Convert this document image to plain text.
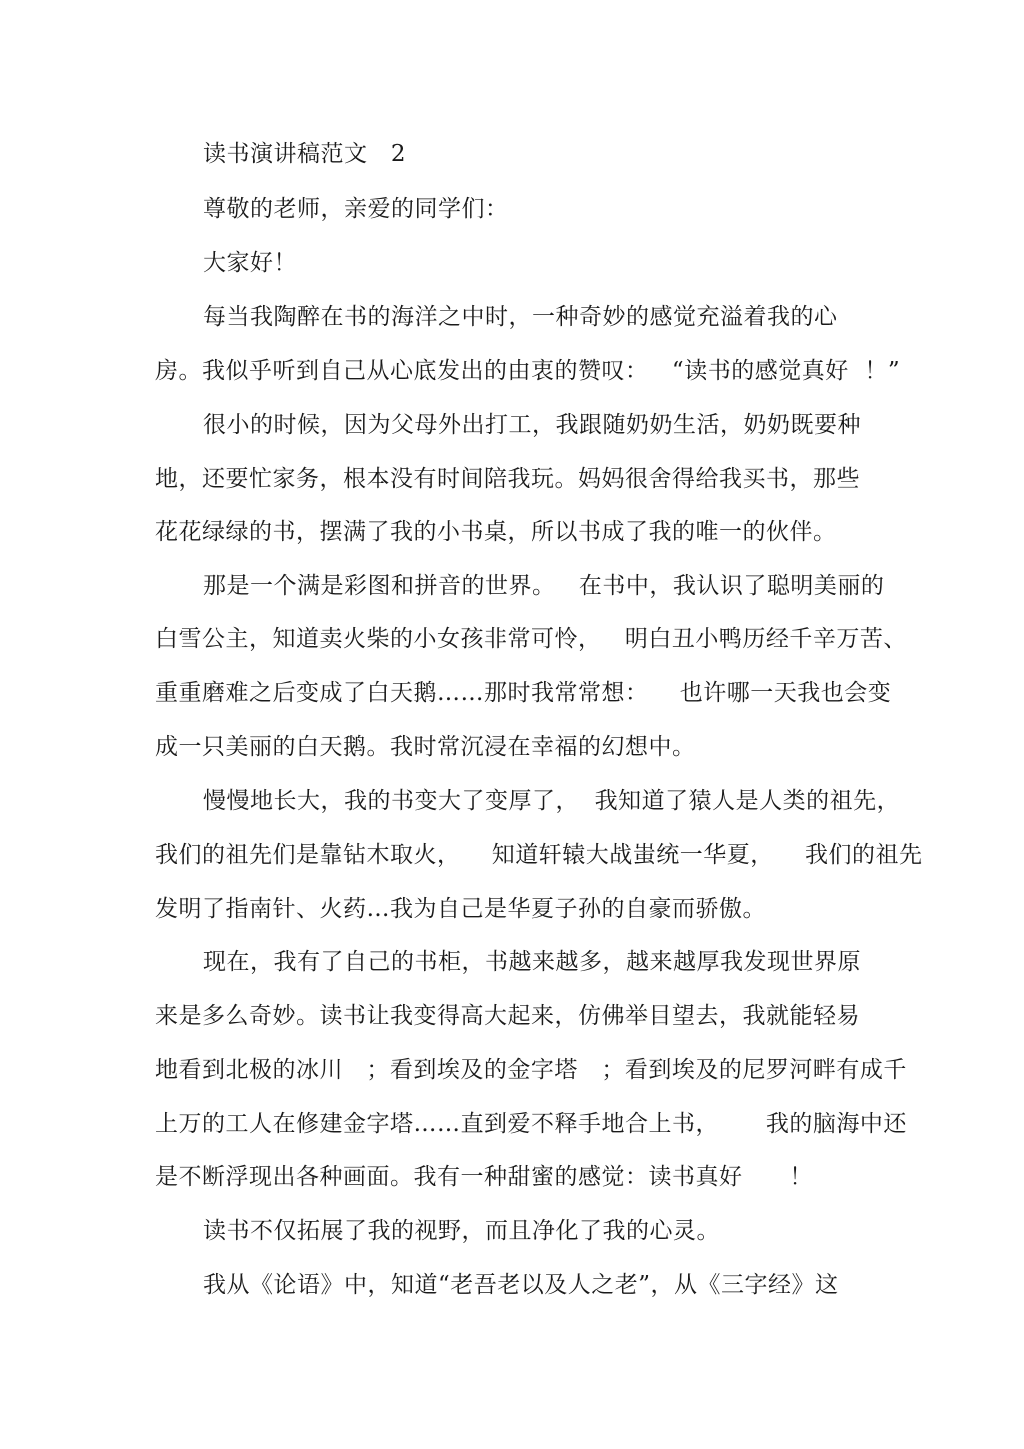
读书演讲稿范文   2
尊敬的老师，亲爱的同学们：
大家好！
每当我陶醉在书的海洋之中时，一种奇妙的感觉充溢着我的心
房。我似乎听到自己从心底发出的由衷的赞叹：   “读书的感觉真好  ！”
很小的时候，因为父母外出打工，我跟随奶奶生活，奶奶既要种
地，还要忙家务，根本没有时间陪我玩。妈妈很舍得给我买书，那些
花花绿绿的书，摆满了我的小书桌，所以书成了我的唯一的伙伴。
那是一个满是彩图和拼音的世界。   在书中，我认识了聪明美丽的
白雪公主，知道卖火柴的小女孩非常可怜，   明白丑小鸭历经千辛万苦、
重重磨难之后变成了白天鹅……那时我常常想：    也许哪一天我也会变
成一只美丽的白天鹅。我时常沉浸在幸福的幻想中。
慢慢地长大，我的书变大了变厚了，  我知道了猿人是人类的祖先，
我们的祖先们是靠钻木取火，    知道轩辕大战蚩统一华夏，    我们的祖先
发明了指南针、火药…我为自己是华夏子孙的自豪而骄傲。
现在，我有了自己的书柜，书越来越多，越来越厚我发现世界原
来是多么奇妙。读书让我变得高大起来，仿佛举目望去，我就能轻易
地看到北极的冰川   ；看到埃及的金字塔   ；看到埃及的尼罗河畔有成千
上万的工人在修建金字塔……直到爱不释手地合上书，      我的脑海中还
是不断浮现出各种画面。我有一种甜蜜的感觉：读书真好      ！
读书不仅拓展了我的视野，而且净化了我的心灵。
我从《论语》中，知道“老吾老以及人之老”，从《三字经》这
